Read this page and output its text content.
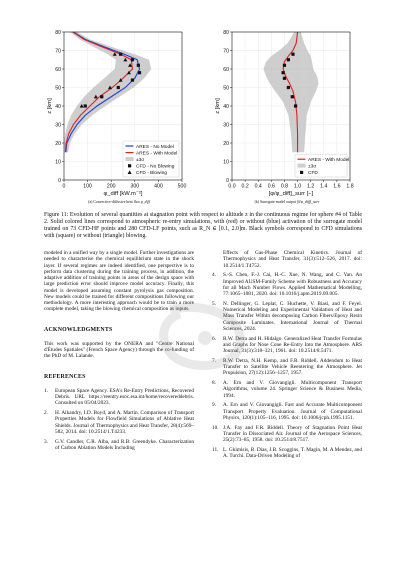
0	100	200	300	400	500
0
10
20
30
40
50
60
70
80
φ_diff [kW.m⁻²]
z [km]
ARES - No Model
ARES - With Model
±3σ
CFD - No Blowing
CFD - Blowing
0.0 0.2 0.4 0.6 0.8 1.0 1.2 1.4 1.6 1.8
0
10
20
30
40
50
60
70
80
[φ/φ_diff]_surr [−]
z [km]
ARES - With Model
±3σ
CFD
(a) Convective-diffusive heat flux φ_diff	(b) Surrogate model output (δ/φ_diff)_surr
Figure 11: Evolution of several quantities at stagnation point with respect to altitude z in the continuous regime for sphere #4 of Table 2. Solid colored lines correspond to atmospheric re-entry simulations, with (red) or without (blue) activation of the surrogate model trained on 73 CFD-HF points and 280 CFD-LF points, such as R_N ∈ [0.1, 2.0]m. Black symbols correspond to CFD simulations with (square) or without (triangle) blowing.
modeled in a unified way by a single model. Further investigations are needed to characterise the chemical equilibrium state in the shock layer. If several regimes are indeed identified, one perspective is to perform data clustering during the training process, in addition, the adaptive addition of training points in areas of the design space with large prediction error should improve model accuracy. Finally, this model is developed assuming constant pyrolysis gas composition. New models could be trained for different compositions following our methodology. A more interesting approach would be to train a more complete model, taking the blowing chemical composition as inputs.
ACKNOWLEDGMENTS
This work was supported by the ONERA and "Centre National d'Études Spatiales" (French Space Agency) through the co-funding of the PhD of M. Lalande.
REFERENCES
1. European Space Agency. ESA's Re-Entry Predictions, Recovered Debris. URL https://reentry.esoc.esa.int/home/recovereddebris. Consulted on 05/04/2023.
2. H. Alkandry, I.D. Boyd, and A. Martin. Comparison of Transport Properties Models for Flowfield Simulations of Ablative Heat Shields. Journal of Thermophysics and Heat Transfer, 28(4):569–582, 2014. doi: 10.2514/1.T4233.
3. G.V. Candler, C.R. Alba, and R.B. Greendyke. Characterization of Carbon Ablation Models Including
Effects of Gas-Phase Chemical Kinetics. Journal of Thermophysics and Heat Transfer, 31(3):512–526, 2017. doi: 10.2514/1.T4752.
4. S.-S. Chen, F.-J. Cai, H.-C. Xue, N. Wang, and C. Yan. An Improved AUSM-Family Scheme with Robustness and Accuracy for all Mach Number Flows. Applied Mathematical Modelling, 77:1065–1081, 2020. doi: 10.1016/j.apm.2019.09.005.
5. N. Dellinger, G. Leplat, C. Huchette, V. Biasi, and F. Feyel. Numerical Modeling and Experimental Validation of Heat and Mass Transfer Within decomposing Carbon Fibers/Epoxy Resin Composite Laminates. International Journal of Thermal Sciences, 2024.
6. R.W. Detra and H. Hidalgo. Generalized Heat Transfer Formulas and Graphs for Nose Cone Re-Entry Into the Atmosphere. ARS Journal, 31(3):318–321, 1961. doi: 10.2514/8.5471.
7. R.W. Detra, N.H. Kemp, and F.R. Riddell. Addendum to Heat Transfer to Satellite Vehicle Reentering the Atmosphere. Jet Propulsion, 27(12):1256–1257, 1957.
8. A. Ern and V. Giovangigli. Multicomponent Transport Algorithms, volume 24. Springer Science & Business Media, 1994.
9. A. Ern and V. Giovangigli. Fast and Accurate Multicomponent Transport Property Evaluation. Journal of Computational Physics, 120(1):105–116, 1995. doi: 10.1006/jcph.1995.1151.
10. J.A. Fay and F.R. Riddell. Theory of Stagnation Point Heat Transfer in Dissociated Air. Journal of the Aerospace Sciences, 25(2):73–85, 1958. doi: 10.2514/8.7517.
11. L. Gkimisis, B. Dias, J.B. Scoggins, T. Magin, M. A Mendez, and A. Turchi. Data-Driven Modeling of
